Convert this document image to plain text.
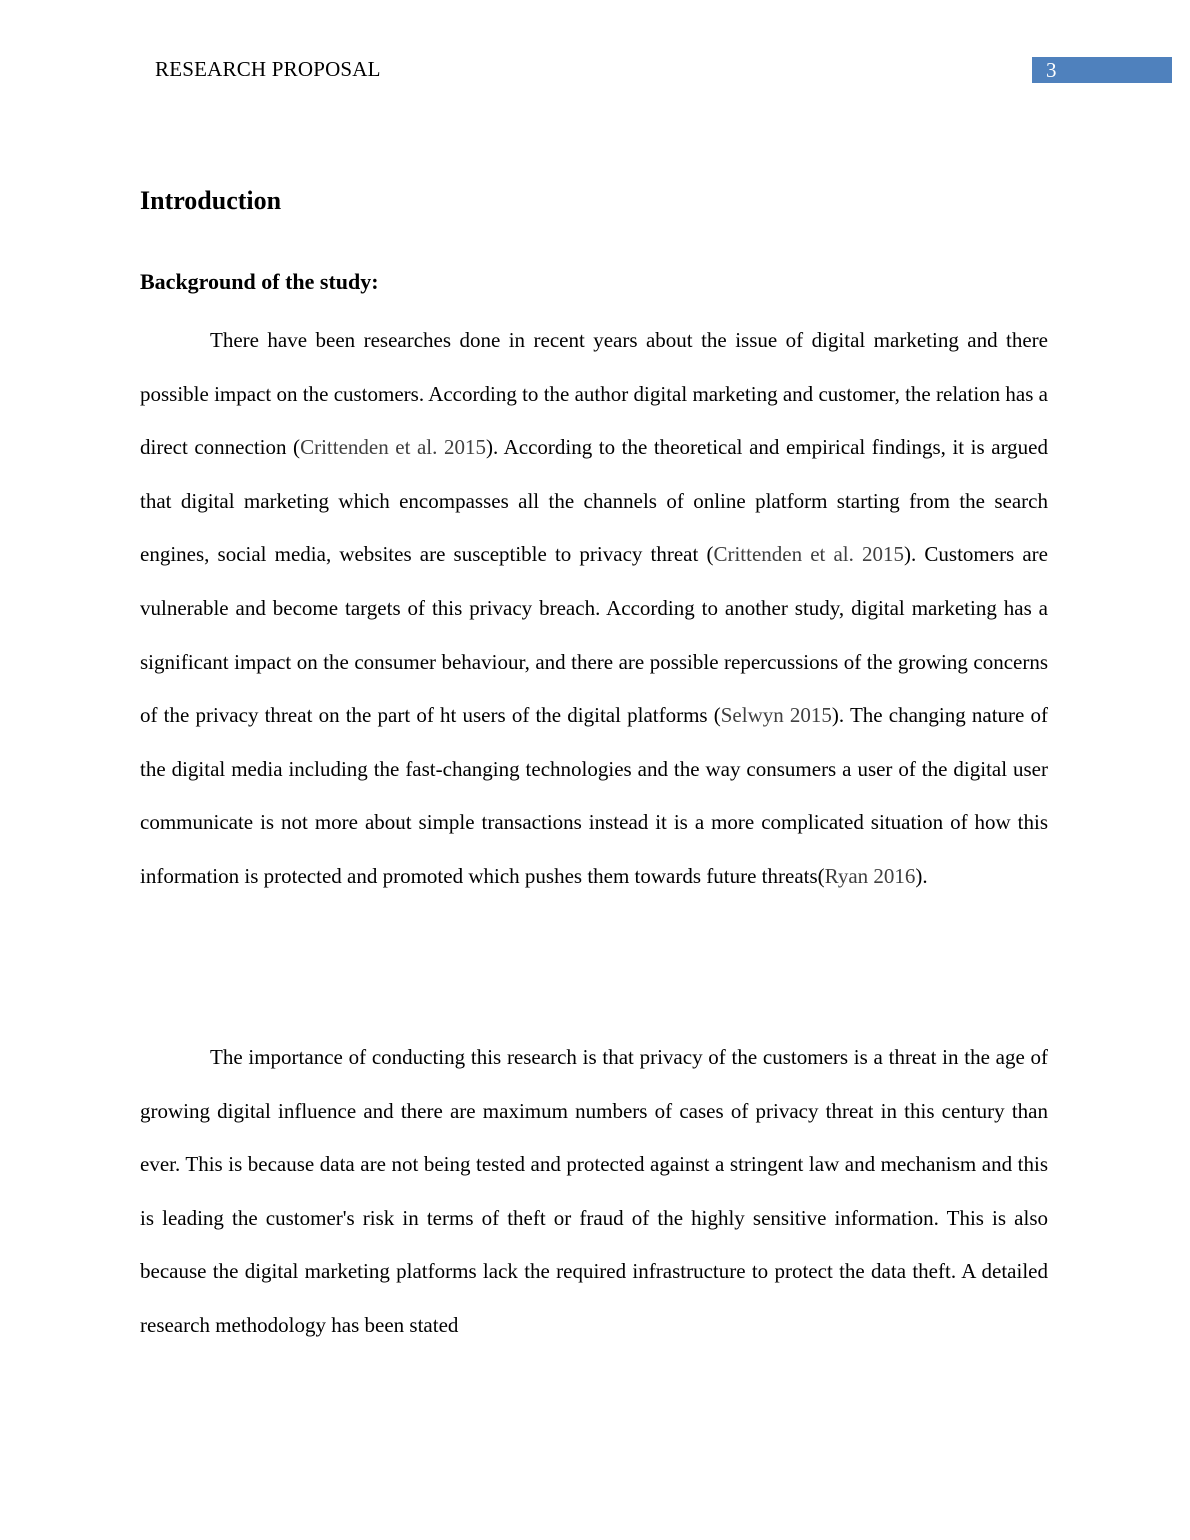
RESEARCH PROPOSAL	3
Introduction
Background of the study:

There have been researches done in recent years about the issue of digital marketing and there possible impact on the customers. According to the author digital marketing and customer, the relation has a direct connection (Crittenden et al. 2015). According to the theoretical and empirical findings, it is argued that digital marketing which encompasses all the channels of online platform starting from the search engines, social media, websites are susceptible to privacy threat (Crittenden et al. 2015). Customers are vulnerable and become targets of this privacy breach. According to another study, digital marketing has a significant impact on the consumer behaviour, and there are possible repercussions of the growing concerns of the privacy threat on the part of ht users of the digital platforms (Selwyn 2015). The changing nature of the digital media including the fast-changing technologies and the way consumers a user of the digital user communicate is not more about simple transactions instead it is a more complicated situation of how this information is protected and promoted which pushes them towards future threats(Ryan 2016).

The importance of conducting this research is that privacy of the customers is a threat in the age of growing digital influence and there are maximum numbers of cases of privacy threat in this century than ever. This is because data are not being tested and protected against a stringent law and mechanism and this is leading the customer's risk in terms of theft or fraud of the highly sensitive information. This is also because the digital marketing platforms lack the required infrastructure to protect the data theft. A detailed research methodology has been stated
